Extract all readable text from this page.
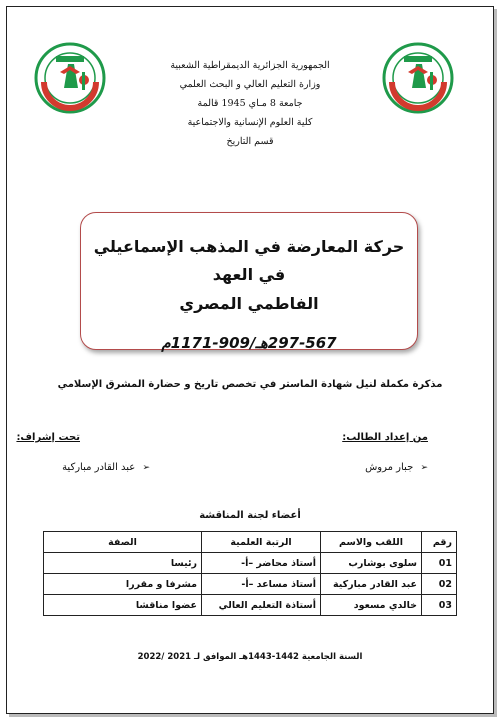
الجمهورية الجزائرية الديمقراطية الشعبية
وزارة التعليم العالي و البحث العلمي
جامعة 8 مـاي 1945 قالمة
كلية العلوم الإنسانية والاجتماعية
قسم التاريخ
حركة المعارضة في المذهب الإسماعيلي في العهد
الفاطمي المصري
297-567هـ/909-1171م
مذكرة مكملة لنيل شهادة الماستر في تخصص تاريخ و حضارة المشرق الإسلامي
من إعداد الطالب:
تحت إشراف:
➢ جبار مروش
➢ عبد القادر مباركية
أعضاء لجنة المناقشة
رقم	اللقب والاسم	الرتبة العلمية	الصفة
01	سلوى بوشارب	أستاذ محاضر –أ-	رئيسا
02	عبد القادر مباركية	أستاذ مساعد –أ-	مشرفا و مقررا
03	خالدي مسعود	أستاذة التعليم العالي	عضوا مناقشا
السنة الجامعية 1442-1443هـ الموافق لـ 2021 /2022
